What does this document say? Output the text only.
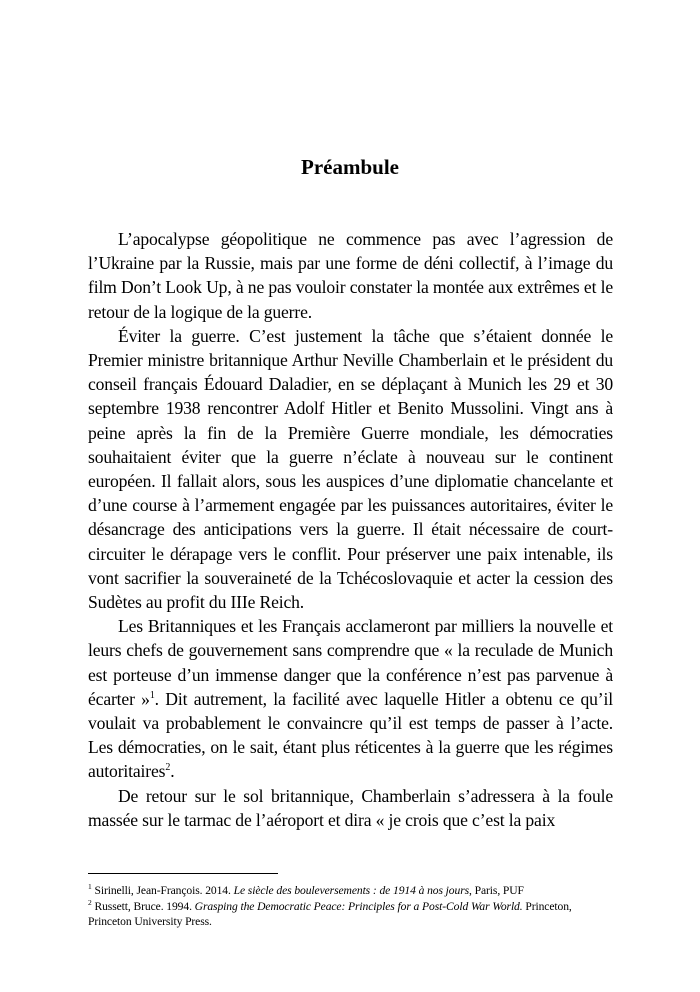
Préambule

L’apocalypse géopolitique ne commence pas avec l’agression de l’Ukraine par la Russie, mais par une forme de déni collectif, à l’image du film Don’t Look Up, à ne pas vouloir constater la montée aux extrêmes et le retour de la logique de la guerre.

Éviter la guerre. C’est justement la tâche que s’étaient donnée le Premier ministre britannique Arthur Neville Chamberlain et le président du conseil français Édouard Daladier, en se déplaçant à Munich les 29 et 30 septembre 1938 rencontrer Adolf Hitler et Benito Mussolini. Vingt ans à peine après la fin de la Première Guerre mondiale, les démocraties souhaitaient éviter que la guerre n’éclate à nouveau sur le continent européen. Il fallait alors, sous les auspices d’une diplomatie chancelante et d’une course à l’armement engagée par les puissances autoritaires, éviter le désancrage des anticipations vers la guerre. Il était nécessaire de court-circuiter le dérapage vers le conflit. Pour préserver une paix intenable, ils vont sacrifier la souveraineté de la Tchécoslovaquie et acter la cession des Sudètes au profit du IIIe Reich.

Les Britanniques et les Français acclameront par milliers la nouvelle et leurs chefs de gouvernement sans comprendre que « la reculade de Munich est porteuse d’un immense danger que la conférence n’est pas parvenue à écarter »$^1$. Dit autrement, la facilité avec laquelle Hitler a obtenu ce qu’il voulait va probablement le convaincre qu’il est temps de passer à l’acte. Les démocraties, on le sait, étant plus réticentes à la guerre que les régimes autoritaires$^2$.

De retour sur le sol britannique, Chamberlain s’adressera à la foule massée sur le tarmac de l’aéroport et dira « je crois que c’est la paix

$^1$ Sirinelli, Jean-François. 2014. Le siècle des bouleversements : de 1914 à nos jours, Paris, PUF

$^2$ Russett, Bruce. 1994. Grasping the Democratic Peace: Principles for a Post-Cold War World. Princeton, Princeton University Press.
